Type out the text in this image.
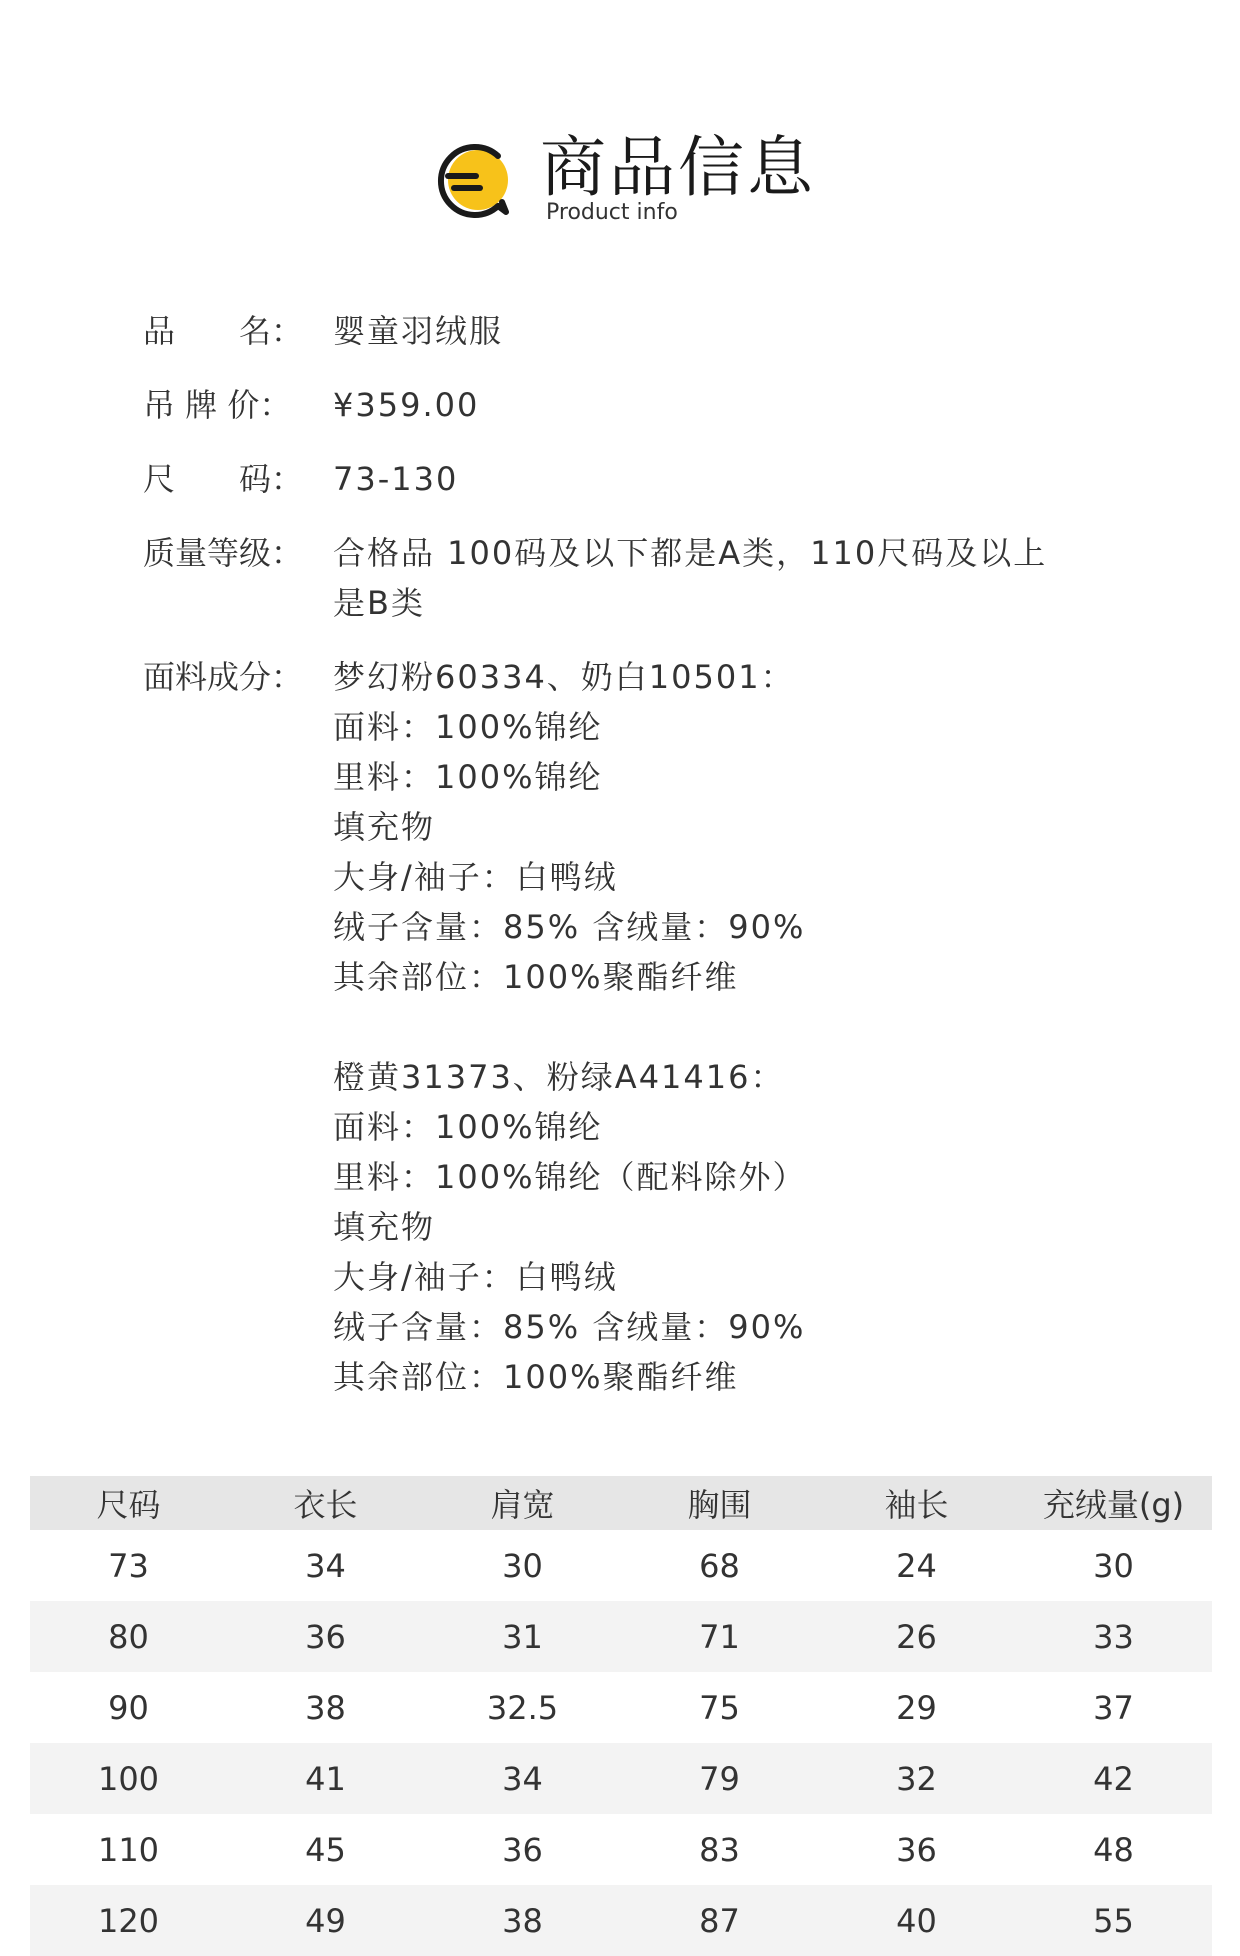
商品信息
Product info
品　　名： 婴童羽绒服
吊 牌 价：	¥359.00
尺　　码： 73-130
质量等级： 合格品 100码及以下都是A类，110尺码及以上
是B类
面料成分： 梦幻粉60334、奶白10501：
面料：100%锦纶
里料：100%锦纶
填充物
大身/袖子：白鸭绒
绒子含量：85% 含绒量：90%
其余部位：100%聚酯纤维
橙黄31373、粉绿A41416：
面料：100%锦纶
里料：100%锦纶（配料除外）
填充物
大身/袖子：白鸭绒
绒子含量：85% 含绒量：90%
其余部位：100%聚酯纤维
尺码	衣长	肩宽	胸围	袖长	充绒量(g)
73	34	30	68	24	30
80	36	31	71	26	33
90	38	32.5	75	29	37
100	41	34	79	32	42
110	45	36	83	36	48
120	49	38	87	40	55
